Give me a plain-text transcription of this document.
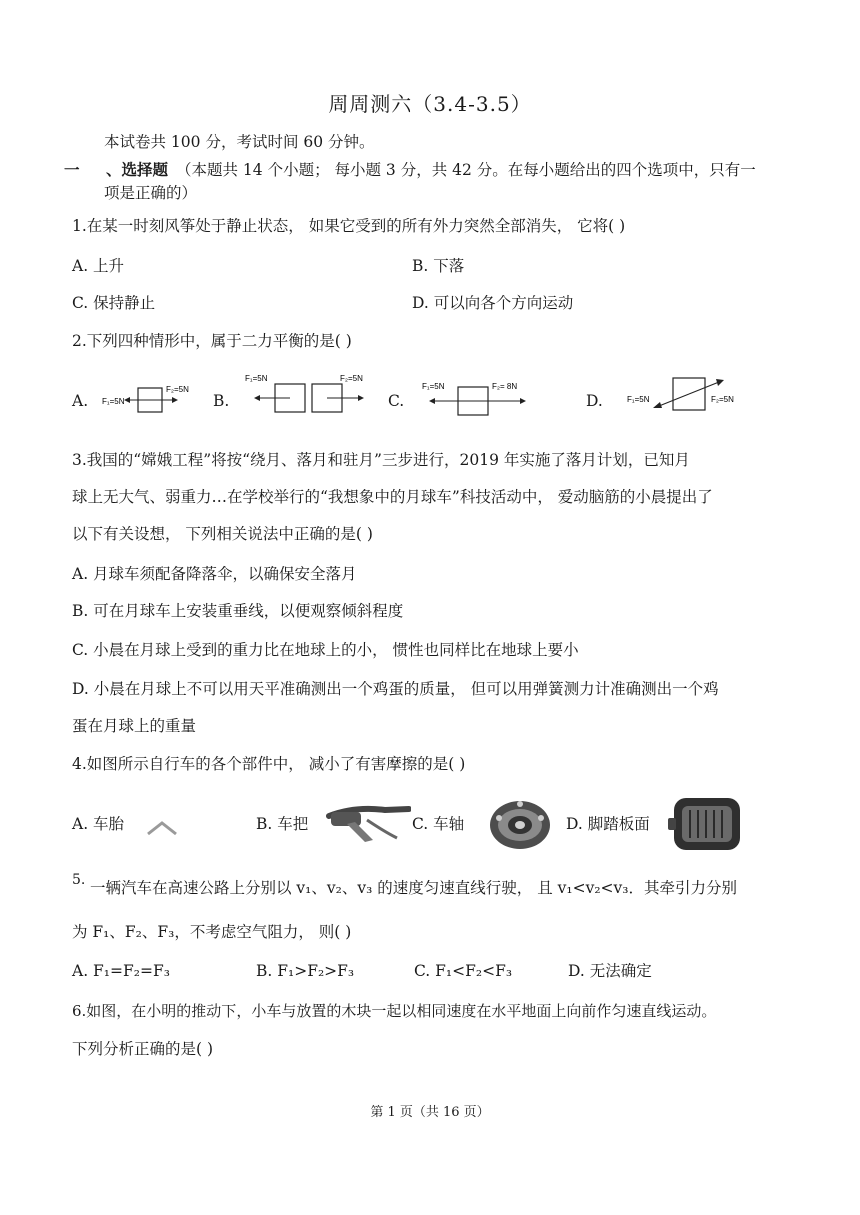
周周测六（3.4-3.5）
本试卷共 100 分，考试时间 60 分钟。
一 、选择题 （本题共 14 个小题； 每小题 3 分，共 42 分。在每小题给出的四个选项中，只有一
项是正确的）
1.在某一时刻风筝处于静止状态， 如果它受到的所有外力突然全部消失， 它将( )
A. 上升	B. 下落
C. 保持静止	D. 可以向各个方向运动
2.下列四种情形中，属于二力平衡的是( )
A.	B.	C.	D.
F₁=5N
F₂=5N
F₁=5N	F₂=5N
F₁=5N	F₂= 8N
F₁=5N	F₂=5N
3.我国的“嫦娥工程”将按“绕月、落月和驻月”三步进行，2019 年实施了落月计划，已知月
球上无大气、弱重力…在学校举行的“我想象中的月球车”科技活动中， 爱动脑筋的小晨提出了
以下有关设想， 下列相关说法中正确的是( )
A. 月球车须配备降落伞，以确保安全落月
B. 可在月球车上安装重垂线，以便观察倾斜程度
C. 小晨在月球上受到的重力比在地球上的小， 惯性也同样比在地球上要小
D. 小晨在月球上不可以用天平准确测出一个鸡蛋的质量， 但可以用弹簧测力计准确测出一个鸡
蛋在月球上的重量
4.如图所示自行车的各个部件中， 减小了有害摩擦的是( )
A. 车胎	B. 车把	C. 车轴	D. 脚踏板面
5. 一辆汽车在高速公路上分别以 v₁、v₂、v₃ 的速度匀速直线行驶， 且 v₁<v₂<v₃．其牵引力分别
为 F₁、F₂、F₃，不考虑空气阻力， 则( )
A. F₁=F₂=F₃	B. F₁>F₂>F₃	C. F₁<F₂<F₃	D. 无法确定
6.如图，在小明的推动下，小车与放置的木块一起以相同速度在水平地面上向前作匀速直线运动。
下列分析正确的是( )
第 1 页（共 16 页）
